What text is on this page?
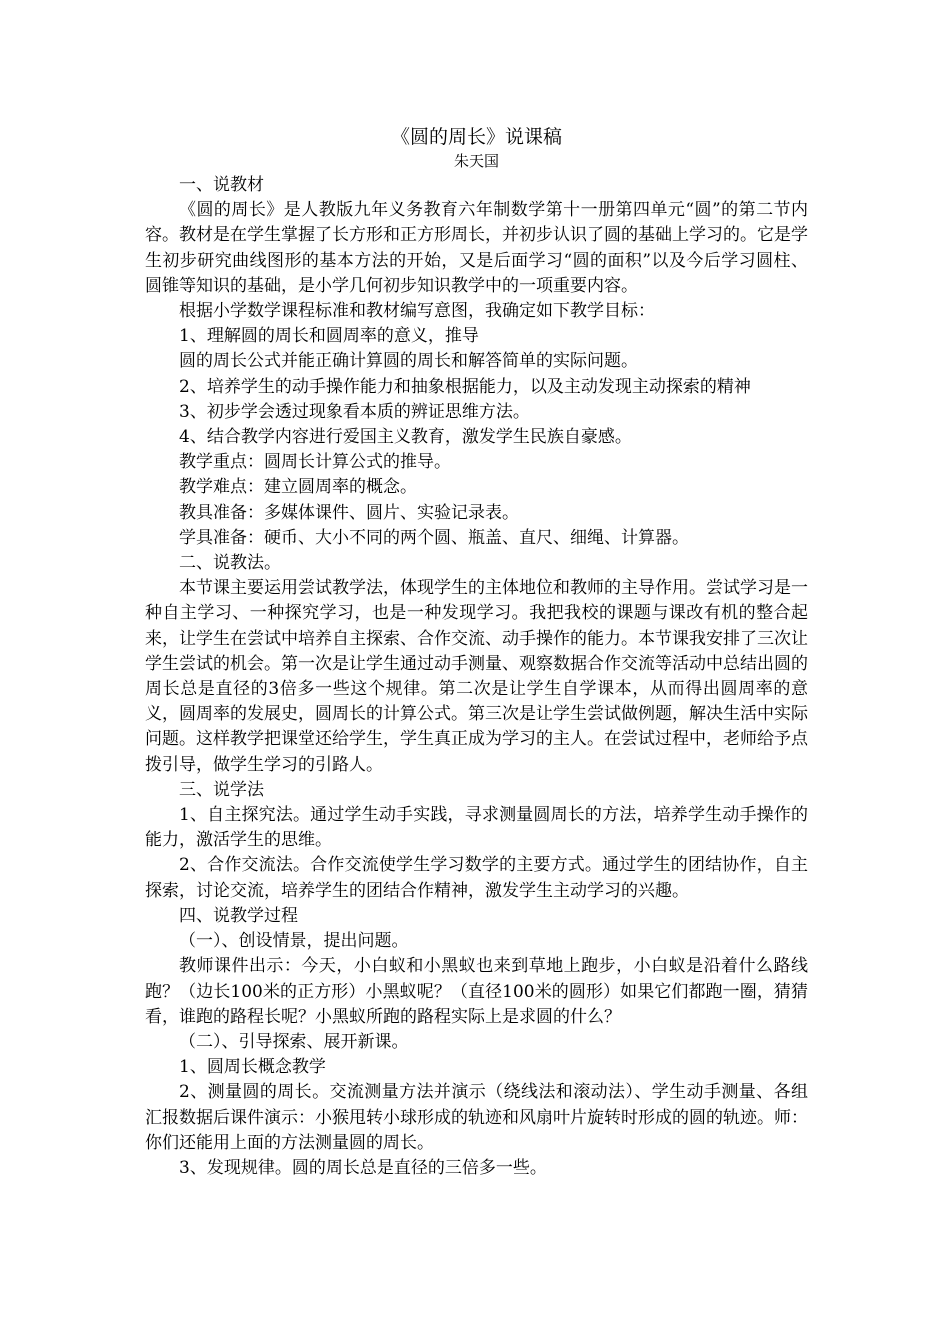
《圆的周长》说课稿

朱天国

一、说教材

《圆的周长》是人教版九年义务教育六年制数学第十一册第四单元“圆”的第二节内容。教材是在学生掌握了长方形和正方形周长，并初步认识了圆的基础上学习的。它是学生初步研究曲线图形的基本方法的开始，又是后面学习“圆的面积”以及今后学习圆柱、圆锥等知识的基础，是小学几何初步知识教学中的一项重要内容。

根据小学数学课程标准和教材编写意图，我确定如下教学目标：

1、理解圆的周长和圆周率的意义，推导

圆的周长公式并能正确计算圆的周长和解答简单的实际问题。

2、培养学生的动手操作能力和抽象根据能力，以及主动发现主动探索的精神

3、初步学会透过现象看本质的辨证思维方法。

4、结合教学内容进行爱国主义教育，激发学生民族自豪感。

教学重点：圆周长计算公式的推导。

教学难点：建立圆周率的概念。

教具准备：多媒体课件、圆片、实验记录表。

学具准备：硬币、大小不同的两个圆、瓶盖、直尺、细绳、计算器。

二、说教法。

本节课主要运用尝试教学法，体现学生的主体地位和教师的主导作用。尝试学习是一种自主学习、一种探究学习，也是一种发现学习。我把我校的课题与课改有机的整合起来，让学生在尝试中培养自主探索、合作交流、动手操作的能力。本节课我安排了三次让学生尝试的机会。第一次是让学生通过动手测量、观察数据合作交流等活动中总结出圆的周长总是直径的3倍多一些这个规律。第二次是让学生自学课本，从而得出圆周率的意义，圆周率的发展史，圆周长的计算公式。第三次是让学生尝试做例题，解决生活中实际问题。这样教学把课堂还给学生，学生真正成为学习的主人。在尝试过程中，老师给予点拨引导，做学生学习的引路人。

三、说学法

1、自主探究法。通过学生动手实践，寻求测量圆周长的方法，培养学生动手操作的能力，激活学生的思维。

2、合作交流法。合作交流使学生学习数学的主要方式。通过学生的团结协作，自主探索，讨论交流，培养学生的团结合作精神，激发学生主动学习的兴趣。

四、说教学过程

（一）、创设情景，提出问题。

教师课件出示：今天，小白蚁和小黑蚁也来到草地上跑步，小白蚁是沿着什么路线跑？（边长100米的正方形）小黑蚁呢？（直径100米的圆形）如果它们都跑一圈，猜猜看，谁跑的路程长呢？小黑蚁所跑的路程实际上是求圆的什么？

（二）、引导探索、展开新课。

1、圆周长概念教学

2、测量圆的周长。交流测量方法并演示（绕线法和滚动法）、学生动手测量、各组汇报数据后课件演示：小猴甩转小球形成的轨迹和风扇叶片旋转时形成的圆的轨迹。师：你们还能用上面的方法测量圆的周长。

3、发现规律。圆的周长总是直径的三倍多一些。
